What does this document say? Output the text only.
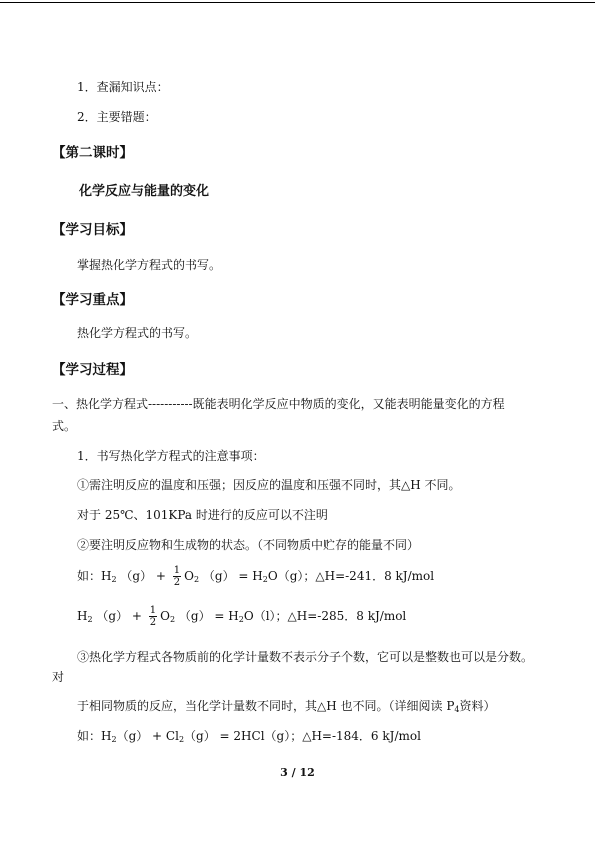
1．查漏知识点：
2．主要错题：
【第二课时】
化学反应与能量的变化
【学习目标】
掌握热化学方程式的书写。
【学习重点】
热化学方程式的书写。
【学习过程】
一、热化学方程式-----------既能表明化学反应中物质的变化，又能表明能量变化的方程
式。
1．书写热化学方程式的注意事项：
①需注明反应的温度和压强；因反应的温度和压强不同时，其△H 不同。
对于 25℃、101KPa 时进行的反应可以不注明
②要注明反应物和生成物的状态。（不同物质中贮存的能量不同）
如：$H_2$ $(g) + \frac{1}{2} O_2$ $(g) = H_2O(g)$；△H=-241．8 kJ/mol
$H_2$ $(g) + \frac{1}{2} O_2$ $(g) = H_2O(l)$；△H=-285．8 kJ/mol
③热化学方程式各物质前的化学计量数不表示分子个数，它可以是整数也可以是分数。
对
于相同物质的反应，当化学计量数不同时，其△H 也不同。（详细阅读 $P_4$资料）
如：$H_2(g) + Cl_2(g) = 2HCl(g)$；△H=-184．6 kJ/mol
3 / 12
